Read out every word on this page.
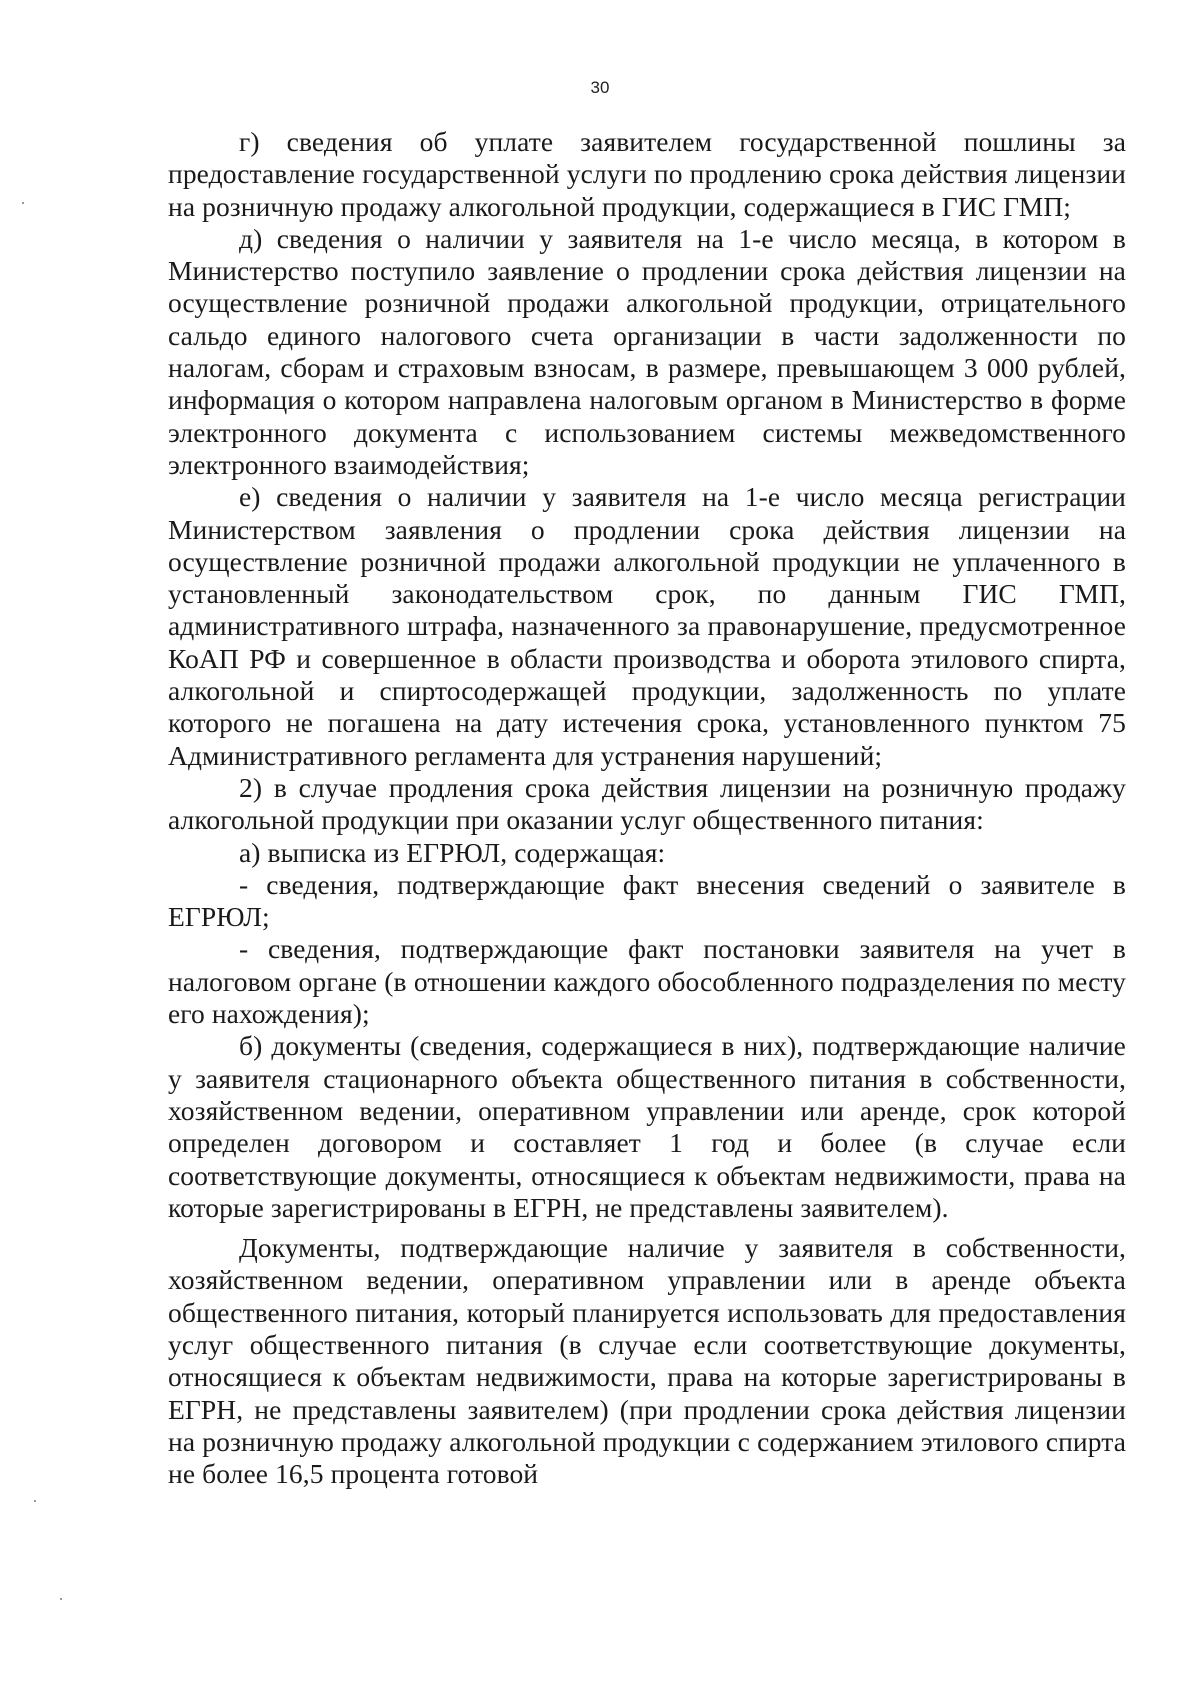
30

г) сведения об уплате заявителем государственной пошлины за предоставление государственной услуги по продлению срока действия лицензии на розничную продажу алкогольной продукции, содержащиеся в ГИС ГМП;

д) сведения о наличии у заявителя на 1-е число месяца, в котором в Министерство поступило заявление о продлении срока действия лицензии на осуществление розничной продажи алкогольной продукции, отрицательного сальдо единого налогового счета организации в части задолженности по налогам, сборам и страховым взносам, в размере, превышающем 3 000 рублей, информация о котором направлена налоговым органом в Министерство в форме электронного документа с использованием системы межведомственного электронного взаимодействия;

е) сведения о наличии у заявителя на 1-е число месяца регистрации Министерством заявления о продлении срока действия лицензии на осуществление розничной продажи алкогольной продукции не уплаченного в установленный законодательством срок, по данным ГИС ГМП, административного штрафа, назначенного за правонарушение, предусмотренное КоАП РФ и совершенное в области производства и оборота этилового спирта, алкогольной и спиртосодержащей продукции, задолженность по уплате которого не погашена на дату истечения срока, установленного пунктом 75 Административного регламента для устранения нарушений;

2) в случае продления срока действия лицензии на розничную продажу алкогольной продукции при оказании услуг общественного питания:

а) выписка из ЕГРЮЛ, содержащая:

- сведения, подтверждающие факт внесения сведений о заявителе в ЕГРЮЛ;

- сведения, подтверждающие факт постановки заявителя на учет в налоговом органе (в отношении каждого обособленного подразделения по месту его нахождения);

б) документы (сведения, содержащиеся в них), подтверждающие наличие у заявителя стационарного объекта общественного питания в собственности, хозяйственном ведении, оперативном управлении или аренде, срок которой определен договором и составляет 1 год и более (в случае если соответствующие документы, относящиеся к объектам недвижимости, права на которые зарегистрированы в ЕГРН, не представлены заявителем).

Документы, подтверждающие наличие у заявителя в собственности, хозяйственном ведении, оперативном управлении или в аренде объекта общественного питания, который планируется использовать для предоставления услуг общественного питания (в случае если соответствующие документы, относящиеся к объектам недвижимости, права на которые зарегистрированы в ЕГРН, не представлены заявителем) (при продлении срока действия лицензии на розничную продажу алкогольной продукции с содержанием этилового спирта не более 16,5 процента готовой
